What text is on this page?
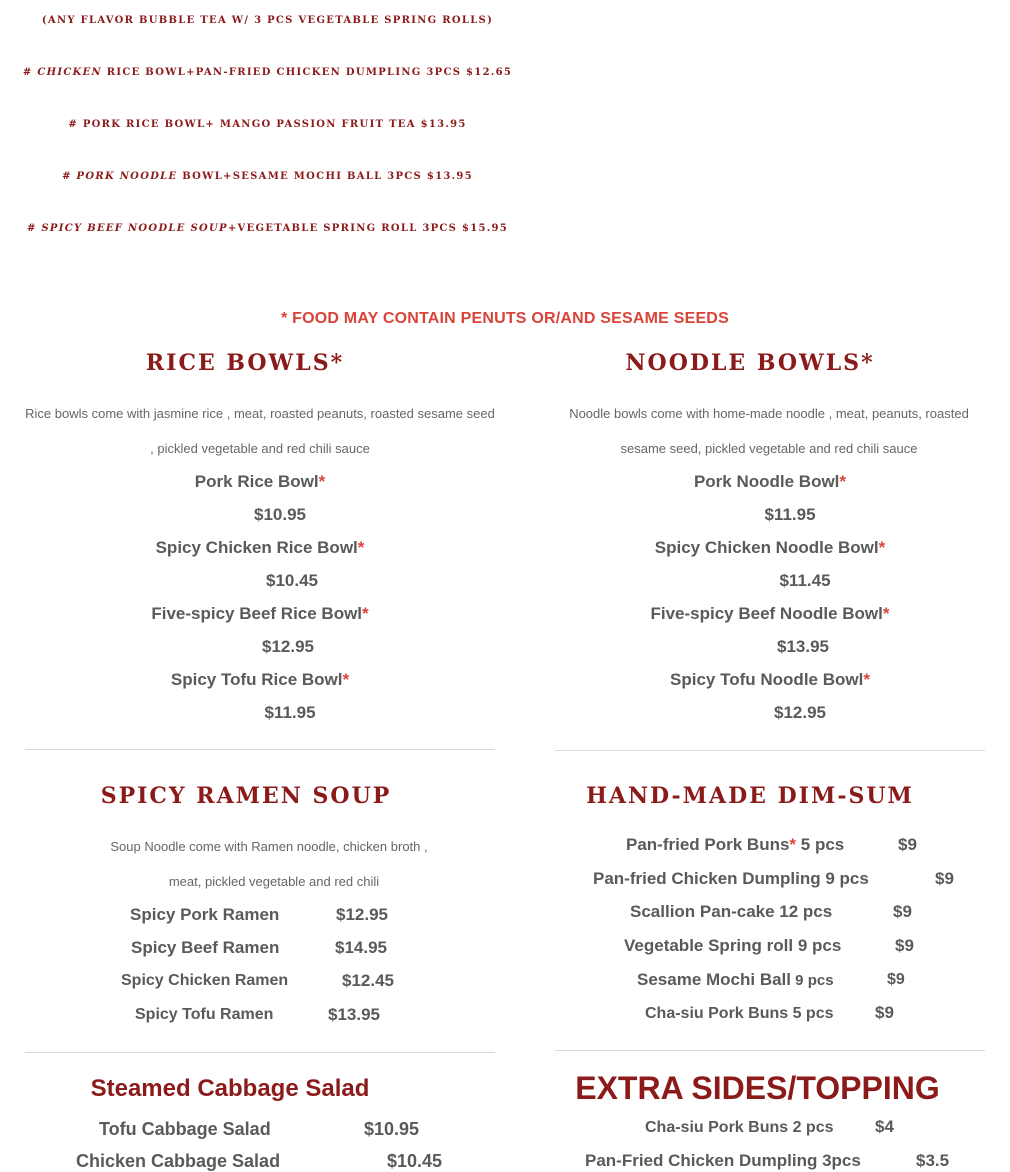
(ANY FLAVOR BUBBLE TEA W/ 3 PCS VEGETABLE SPRING ROLLS)
# CHICKEN RICE BOWL+PAN-FRIED CHICKEN DUMPLING 3PCS $12.65
# PORK RICE BOWL+ MANGO PASSION FRUIT TEA $13.95
# PORK NOODLE BOWL+SESAME MOCHI BALL 3PCS $13.95
# SPICY BEEF NOODLE SOUP+VEGETABLE SPRING ROLL 3PCS $15.95
* FOOD MAY CONTAIN PENUTS OR/AND SESAME SEEDS
RICE BOWLS*
Rice bowls come with jasmine rice , meat, roasted peanuts, roasted sesame seed , pickled vegetable and red chili sauce
Pork Rice Bowl*
$10.95
Spicy Chicken Rice Bowl*
$10.45
Five-spicy Beef Rice Bowl*
$12.95
Spicy Tofu Rice Bowl*
$11.95
NOODLE BOWLS*
Noodle bowls come with home-made noodle , meat, peanuts, roasted sesame seed, pickled vegetable and red chili sauce
Pork Noodle Bowl*
$11.95
Spicy Chicken Noodle Bowl*
$11.45
Five-spicy Beef Noodle Bowl*
$13.95
Spicy Tofu Noodle Bowl*
$12.95
SPICY RAMEN SOUP
Soup Noodle come with Ramen noodle, chicken broth ,
meat, pickled vegetable and red chili
Spicy Pork Ramen	$12.95
Spicy Beef Ramen	$14.95
Spicy Chicken Ramen	$12.45
Spicy Tofu Ramen	$13.95
HAND-MADE DIM-SUM
Pan-fried Pork Buns* 5 pcs	$9
Pan-fried Chicken Dumpling 9 pcs	$9
Scallion Pan-cake 12 pcs	$9
Vegetable Spring roll 9 pcs	$9
Sesame Mochi Ball 9 pcs	$9
Cha-siu Pork Buns 5 pcs $9
Steamed Cabbage Salad
Tofu Cabbage Salad	$10.95
Chicken Cabbage Salad	$10.45
EXTRA SIDES/TOPPING
Cha-siu Pork Buns 2 pcs $4
Pan-Fried Chicken Dumpling 3pcs	$3.5
